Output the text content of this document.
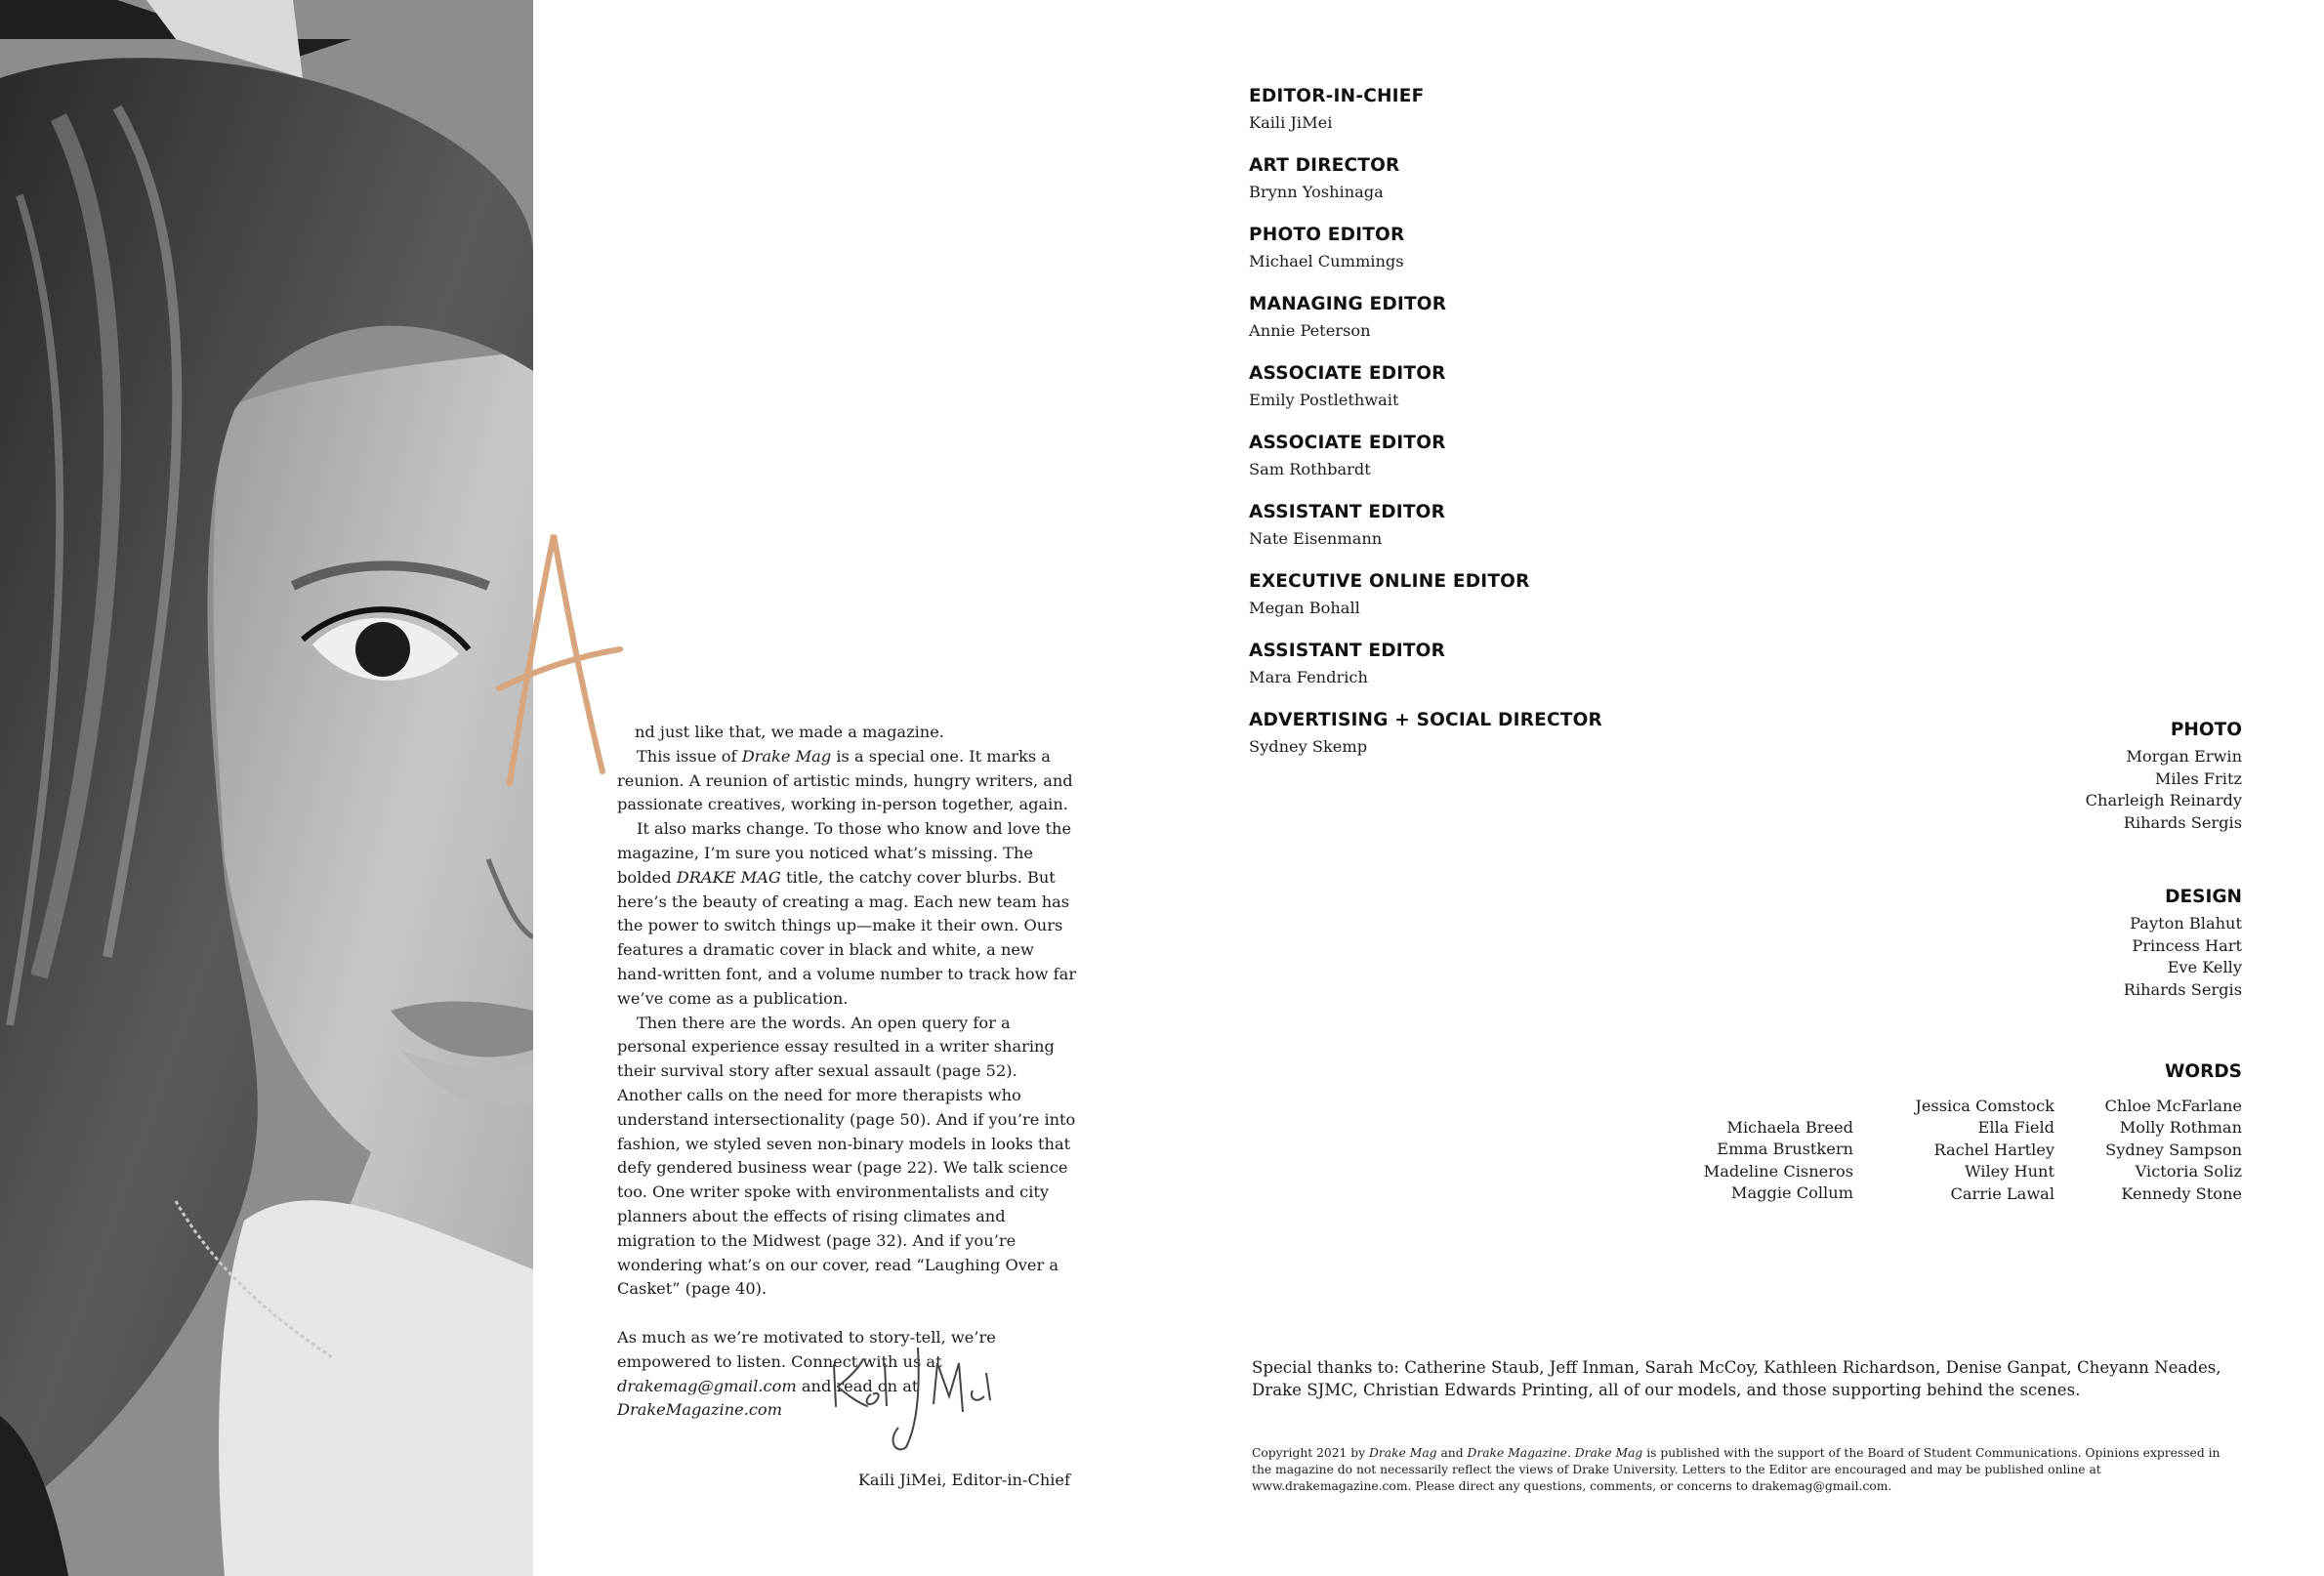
nd just like that, we made a magazine.

This issue of Drake Mag is a special one. It marks a reunion. A reunion of artistic minds, hungry writers, and passionate creatives, working in-person together, again.

It also marks change. To those who know and love the magazine, I’m sure you noticed what’s missing. The bolded DRAKE MAG title, the catchy cover blurbs. But here’s the beauty of creating a mag. Each new team has the power to switch things up—make it their own. Ours features a dramatic cover in black and white, a new hand-written font, and a volume number to track how far we’ve come as a publication.

Then there are the words. An open query for a personal experience essay resulted in a writer sharing their survival story after sexual assault (page 52). Another calls on the need for more therapists who understand intersectionality (page 50). And if you’re into fashion, we styled seven non-binary models in looks that defy gendered business wear (page 22). We talk science too. One writer spoke with environmentalists and city planners about the effects of rising climates and migration to the Midwest (page 32). And if you’re wondering what’s on our cover, read “Laughing Over a Casket” (page 40).

As much as we’re motivated to story-tell, we’re empowered to listen. Connect with us at drakemag@gmail.com and read on at DrakeMagazine.com

Kaili JiMei, Editor-in-Chief
EDITOR-IN-CHIEF
Kaili JiMei
ART DIRECTOR
Brynn Yoshinaga
PHOTO EDITOR
Michael Cummings
MANAGING EDITOR
Annie Peterson
ASSOCIATE EDITOR
Emily Postlethwait
ASSOCIATE EDITOR
Sam Rothbardt
ASSISTANT EDITOR
Nate Eisenmann
EXECUTIVE ONLINE EDITOR
Megan Bohall
ASSISTANT EDITOR
Mara Fendrich
ADVERTISING + SOCIAL DIRECTOR
Sydney Skemp
PHOTO
Morgan Erwin
Miles Fritz
Charleigh Reinardy
Rihards Sergis
DESIGN
Payton Blahut
Princess Hart
Eve Kelly
Rihards Sergis
WORDS
Michaela Breed
Emma Brustkern
Madeline Cisneros
Maggie Collum
Jessica Comstock
Ella Field
Rachel Hartley
Wiley Hunt
Carrie Lawal
Chloe McFarlane
Molly Rothman
Sydney Sampson
Victoria Soliz
Kennedy Stone
Special thanks to: Catherine Staub, Jeff Inman, Sarah McCoy, Kathleen Richardson, Denise Ganpat, Cheyann Neades, Drake SJMC, Christian Edwards Printing, all of our models, and those supporting behind the scenes.
Copyright 2021 by Drake Mag and Drake Magazine. Drake Mag is published with the support of the Board of Student Communications. Opinions expressed in the magazine do not necessarily reflect the views of Drake University. Letters to the Editor are encouraged and may be published online at www.drakemagazine.com. Please direct any questions, comments, or concerns to drakemag@gmail.com.
